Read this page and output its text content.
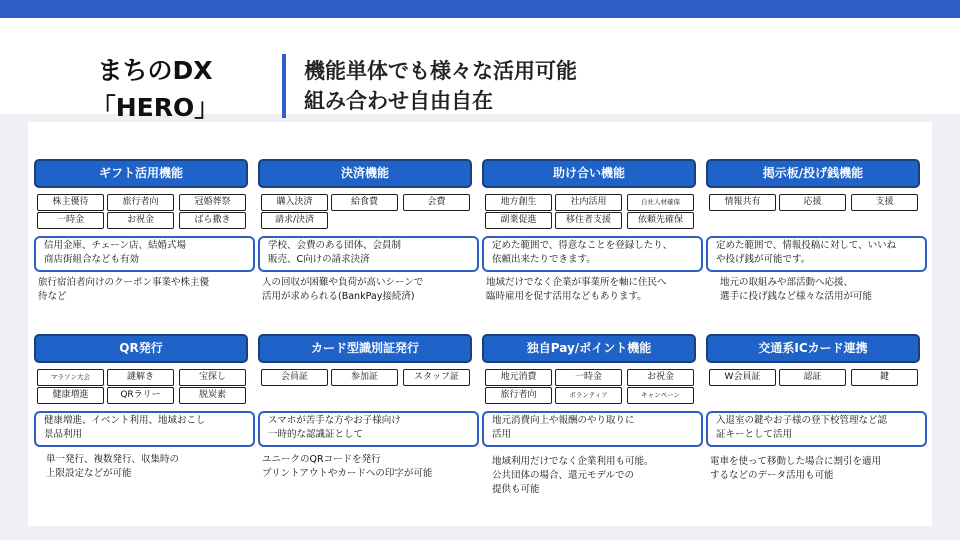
まちのDX
「HERO」
機能単体でも様々な活用可能
組み合わせ自由自在
ギフト活用機能
株主優待	旅行者向	冠婚葬祭
一時金	お祝金	ばら撒き
信用金庫、チェーン店、結婚式場
商店街組合なども有効
旅行宿泊者向けのクーポン事業や株主優
待など
決済機能
購入決済	給食費	会費
請求/決済
学校、会費のある団体、会員制
販売、C向けの請求決済
人の回収が困難や負荷が高いシーンで
活用が求められる(BankPay接続済)
助け合い機能
地方創生	社内活用	自社人材確保
副業促進	移住者支援	依頼先確保
定めた範囲で、得意なことを登録したり、
依頼出来たりできます。
地域だけでなく企業が事業所を軸に住民へ
臨時雇用を促す活用などもあります。
掲示板/投げ銭機能
情報共有	応援	支援
定めた範囲で、情報投稿に対して、いいね
や投げ銭が可能です。
地元の取組みや部活動へ応援、
選手に投げ銭など様々な活用が可能
QR発行
マラソン大会	謎解き	宝探し
健康増進	QRラリー	脱炭素
健康増進、イベント利用、地域おこし
景品利用
単一発行、複数発行、収集時の
上限設定などが可能
カード型識別証発行
会員証	参加証	スタッフ証
スマホが苦手な方やお子様向け
一時的な認識証として
ユニークのQRコードを発行
プリントアウトやカードへの印字が可能
独自Pay/ポイント機能
地元消費	一時金	お祝金
旅行者向	ボランティア	キャンペーン
地元消費向上や報酬のやり取りに
活用
地域利用だけでなく企業利用も可能。
公共団体の場合、還元モデルでの
提供も可能
交通系ICカード連携
W会員証	認証	鍵
入退室の鍵やお子様の登下校管理など認
証キーとして活用
電車を使って移動した場合に割引を適用
するなどのデータ活用も可能
